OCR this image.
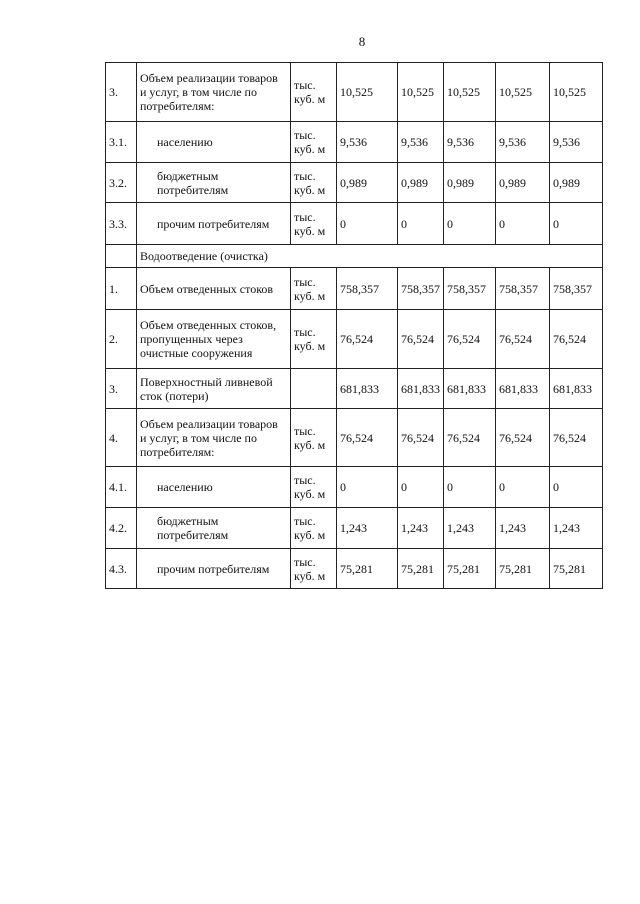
8
3.	Объем реализации товаров и услуг, в том числе по потребителям:	тыс. куб. м	10,525	10,525	10,525	10,525	10,525
3.1.	населению	тыс. куб. м	9,536	9,536	9,536	9,536	9,536
3.2.	бюджетным потребителям	тыс. куб. м	0,989	0,989	0,989	0,989	0,989
3.3.	прочим потребителям	тыс. куб. м	0	0	0	0	0
	Водоотведение (очистка)						
1.	Объем отведенных стоков	тыс. куб. м	758,357	758,357	758,357	758,357	758,357
2.	Объем отведенных стоков, пропущенных через очистные сооружения	тыс. куб. м	76,524	76,524	76,524	76,524	76,524
3.	Поверхностный ливневой сток (потери)		681,833	681,833	681,833	681,833	681,833
4.	Объем реализации товаров и услуг, в том числе по потребителям:	тыс. куб. м	76,524	76,524	76,524	76,524	76,524
4.1.	населению	тыс. куб. м	0	0	0	0	0
4.2.	бюджетным потребителям	тыс. куб. м	1,243	1,243	1,243	1,243	1,243
4.3.	прочим потребителям	тыс. куб. м	75,281	75,281	75,281	75,281	75,281
